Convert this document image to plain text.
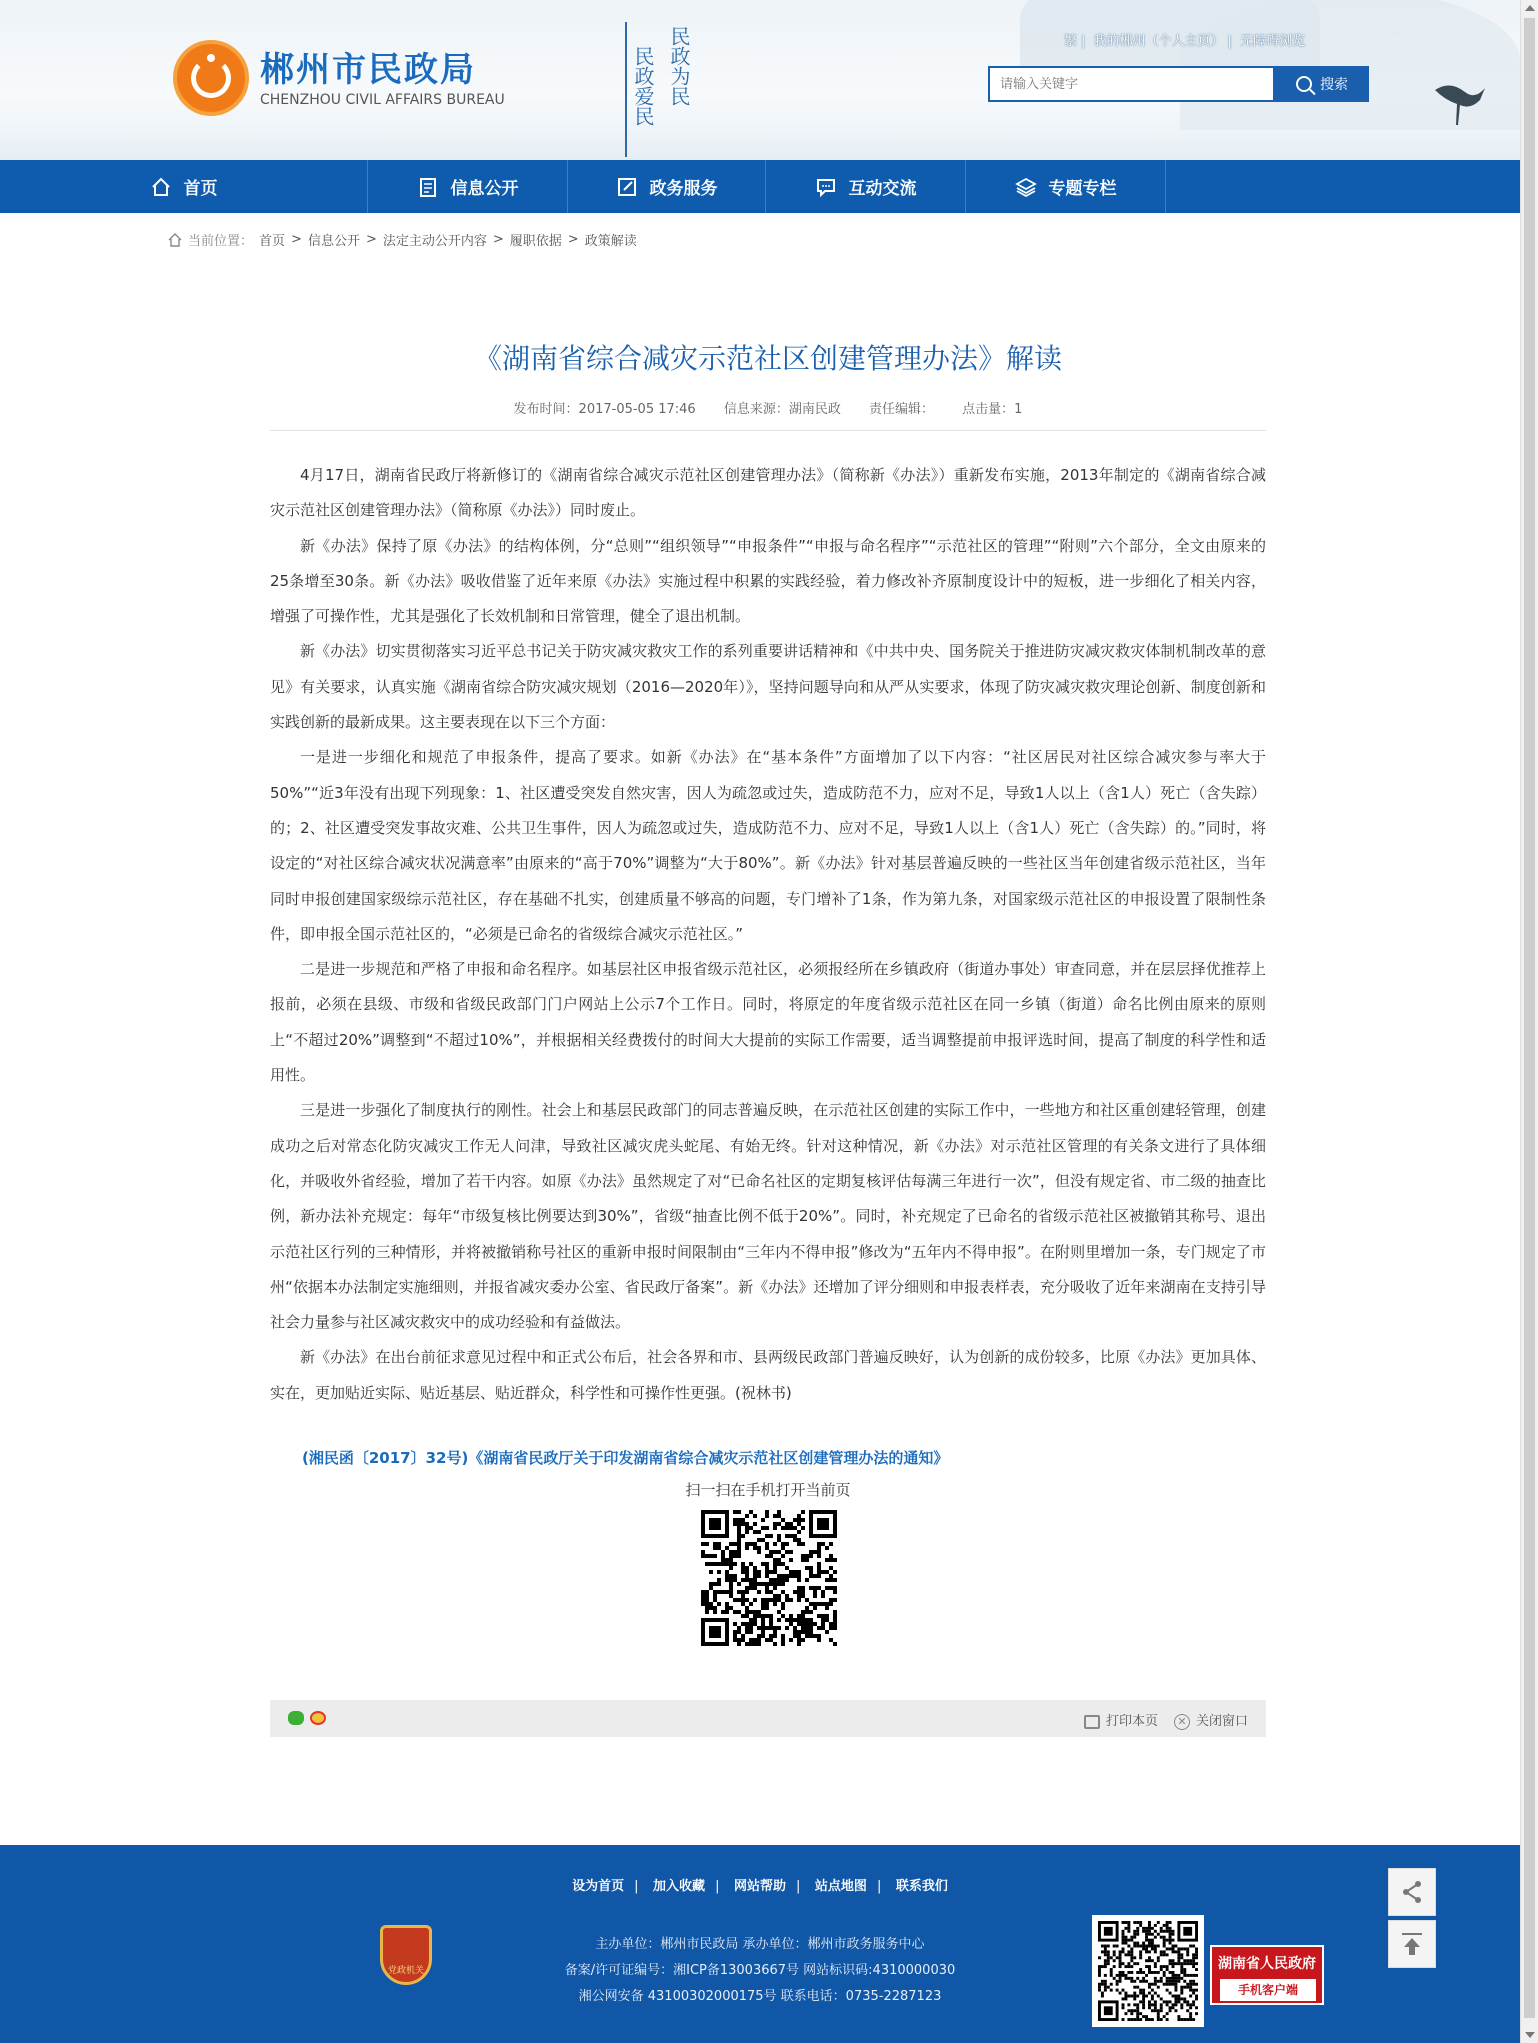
郴州市民政局
CHENZHOU CIVIL AFFAIRS BUREAU	民政为民
民政爱民
繁 | 我的郴州（个人主页） | 无障碍浏览
请输入关键字
搜索
首页	信息公开	政务服务	互动交流	专题专栏
当前位置： 首页 > 信息公开 > 法定主动公开内容 > 履职依据 > 政策解读
《湖南省综合减灾示范社区创建管理办法》解读
发布时间：2017-05-05 17:46 信息来源：湖南民政 责任编辑： 点击量：1

4月17日，湖南省民政厅将新修订的《湖南省综合减灾示范社区创建管理办法》（简称新《办法》）重新发布实施，2013年制定的《湖南省综合减灾示范社区创建管理办法》（简称原《办法》）同时废止。

新《办法》保持了原《办法》的结构体例，分“总则”“组织领导”“申报条件”“申报与命名程序”“示范社区的管理”“附则”六个部分，全文由原来的25条增至30条。新《办法》吸收借鉴了近年来原《办法》实施过程中积累的实践经验，着力修改补齐原制度设计中的短板，进一步细化了相关内容，增强了可操作性，尤其是强化了长效机制和日常管理，健全了退出机制。

新《办法》切实贯彻落实习近平总书记关于防灾减灾救灾工作的系列重要讲话精神和《中共中央、国务院关于推进防灾减灾救灾体制机制改革的意见》有关要求，认真实施《湖南省综合防灾减灾规划（2016—2020年）》，坚持问题导向和从严从实要求，体现了防灾减灾救灾理论创新、制度创新和实践创新的最新成果。这主要表现在以下三个方面：

一是进一步细化和规范了申报条件，提高了要求。如新《办法》在“基本条件”方面增加了以下内容：“社区居民对社区综合减灾参与率大于50%”“近3年没有出现下列现象：1、社区遭受突发自然灾害，因人为疏忽或过失，造成防范不力，应对不足，导致1人以上（含1人）死亡（含失踪）的；2、社区遭受突发事故灾难、公共卫生事件，因人为疏忽或过失，造成防范不力、应对不足，导致1人以上（含1人）死亡（含失踪）的。”同时，将设定的“对社区综合减灾状况满意率”由原来的“高于70%”调整为“大于80%”。新《办法》针对基层普遍反映的一些社区当年创建省级示范社区，当年同时申报创建国家级综示范社区，存在基础不扎实，创建质量不够高的问题，专门增补了1条，作为第九条，对国家级示范社区的申报设置了限制性条件，即申报全国示范社区的，“必须是已命名的省级综合减灾示范社区。”

二是进一步规范和严格了申报和命名程序。如基层社区申报省级示范社区，必须报经所在乡镇政府（街道办事处）审查同意，并在层层择优推荐上报前，必须在县级、市级和省级民政部门门户网站上公示7个工作日。同时，将原定的年度省级示范社区在同一乡镇（街道）命名比例由原来的原则上“不超过20%”调整到“不超过10%”，并根据相关经费拨付的时间大大提前的实际工作需要，适当调整提前申报评选时间，提高了制度的科学性和适用性。

三是进一步强化了制度执行的刚性。社会上和基层民政部门的同志普遍反映，在示范社区创建的实际工作中，一些地方和社区重创建轻管理，创建成功之后对常态化防灾减灾工作无人问津，导致社区减灾虎头蛇尾、有始无终。针对这种情况，新《办法》对示范社区管理的有关条文进行了具体细化，并吸收外省经验，增加了若干内容。如原《办法》虽然规定了对“已命名社区的定期复核评估每满三年进行一次”，但没有规定省、市二级的抽查比例，新办法补充规定：每年“市级复核比例要达到30%”，省级“抽查比例不低于20%”。同时，补充规定了已命名的省级示范社区被撤销其称号、退出示范社区行列的三种情形，并将被撤销称号社区的重新申报时间限制由“三年内不得申报”修改为“五年内不得申报”。在附则里增加一条，专门规定了市州“依据本办法制定实施细则，并报省减灾委办公室、省民政厅备案”。新《办法》还增加了评分细则和申报表样表，充分吸收了近年来湖南在支持引导社会力量参与社区减灾救灾中的成功经验和有益做法。

新《办法》在出台前征求意见过程中和正式公布后，社会各界和市、县两级民政部门普遍反映好，认为创新的成份较多，比原《办法》更加具体、实在，更加贴近实际、贴近基层、贴近群众，科学性和可操作性更强。(祝林书)

(湘民函〔2017〕32号)《湖南省民政厅关于印发湖南省综合减灾示范社区创建管理办法的通知》
扫一扫在手机打开当前页
打印本页	✕ 关闭窗口
设为首页 | 加入收藏 | 网站帮助 | 站点地图 | 联系我们
党政机关
主办单位：郴州市民政局 承办单位：郴州市政务服务中心
备案/许可证编号：湘ICP备13003667号 网站标识码:4310000030
湘公网安备 43100302000175号 联系电话：0735-2287123
湖南省人民政府
手机客户端
